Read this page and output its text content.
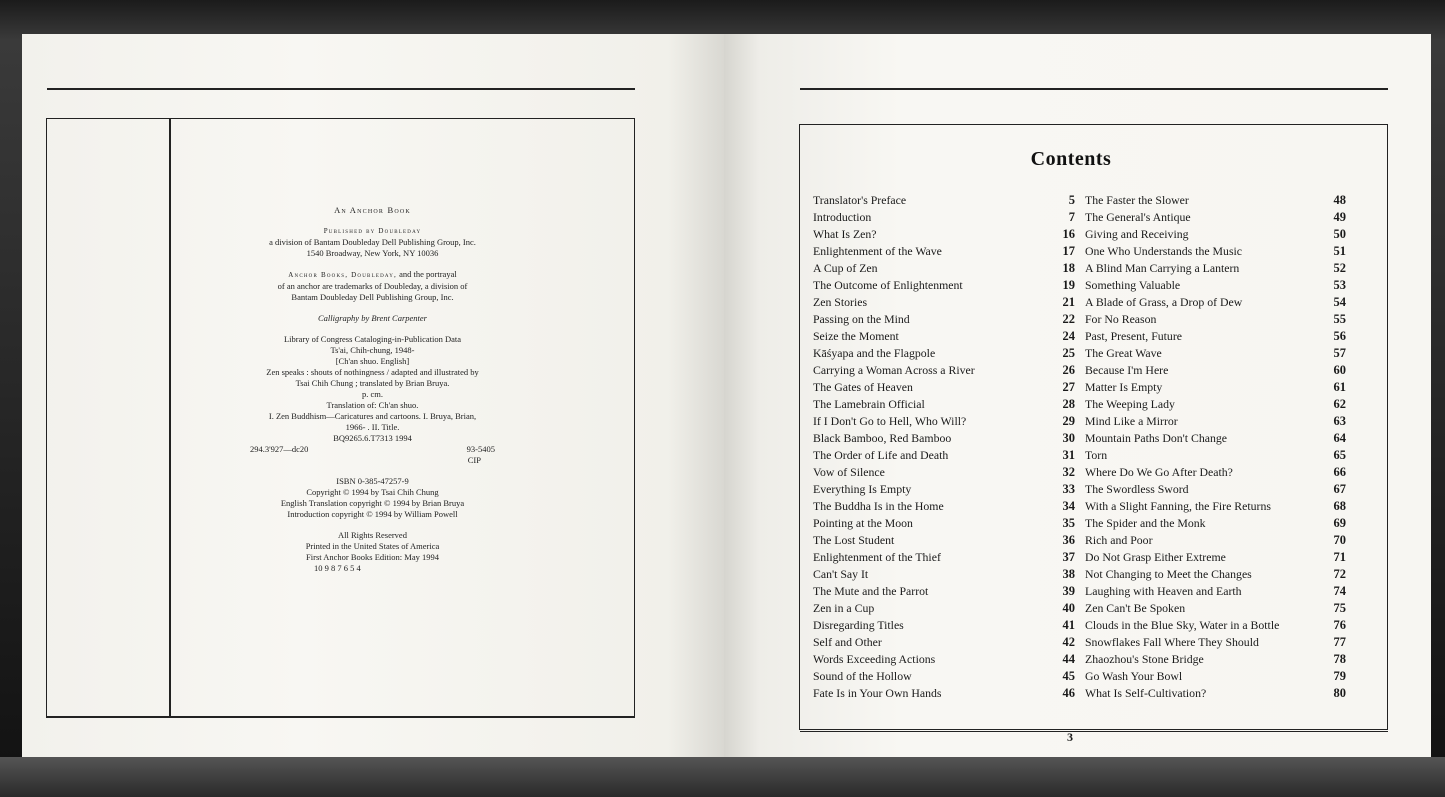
An Anchor Book

Published by Doubleday

a division of Bantam Doubleday Dell Publishing Group, Inc.

1540 Broadway, New York, NY 10036

Anchor Books, Doubleday, and the portrayal

of an anchor are trademarks of Doubleday, a division of

Bantam Doubleday Dell Publishing Group, Inc.

Calligraphy by Brent Carpenter

Library of Congress Cataloging-in-Publication Data

Ts'ai, Chih-chung, 1948-

[Ch'an shuo. English]

Zen speaks : shouts of nothingness / adapted and illustrated by

Tsai Chih Chung ; translated by Brian Bruya.

p. cm.

Translation of: Ch'an shuo.

I. Zen Buddhism—Caricatures and cartoons. I. Bruya, Brian,

1966- . II. Title.

BQ9265.6.T7313 1994

294.3'927—dc20	93-5405
CIP

ISBN 0-385-47257-9

Copyright © 1994 by Tsai Chih Chung

English Translation copyright © 1994 by Brian Bruya

Introduction copyright © 1994 by William Powell

All Rights Reserved

Printed in the United States of America

First Anchor Books Edition: May 1994

10 9 8 7 6 5 4

Contents
Translator's Preface	5
Introduction	7
What Is Zen?	16
Enlightenment of the Wave	17
A Cup of Zen	18
The Outcome of Enlightenment	19
Zen Stories	21
Passing on the Mind	22
Seize the Moment	24
Kāśyapa and the Flagpole	25
Carrying a Woman Across a River	26
The Gates of Heaven	27
The Lamebrain Official	28
If I Don't Go to Hell, Who Will?	29
Black Bamboo, Red Bamboo	30
The Order of Life and Death	31
Vow of Silence	32
Everything Is Empty	33
The Buddha Is in the Home	34
Pointing at the Moon	35
The Lost Student	36
Enlightenment of the Thief	37
Can't Say It	38
The Mute and the Parrot	39
Zen in a Cup	40
Disregarding Titles	41
Self and Other	42
Words Exceeding Actions	44
Sound of the Hollow	45
Fate Is in Your Own Hands	46
The Faster the Slower	48
The General's Antique	49
Giving and Receiving	50
One Who Understands the Music	51
A Blind Man Carrying a Lantern	52
Something Valuable	53
A Blade of Grass, a Drop of Dew	54
For No Reason	55
Past, Present, Future	56
The Great Wave	57
Because I'm Here	60
Matter Is Empty	61
The Weeping Lady	62
Mind Like a Mirror	63
Mountain Paths Don't Change	64
Torn	65
Where Do We Go After Death?	66
The Swordless Sword	67
With a Slight Fanning, the Fire Returns	68
The Spider and the Monk	69
Rich and Poor	70
Do Not Grasp Either Extreme	71
Not Changing to Meet the Changes	72
Laughing with Heaven and Earth	74
Zen Can't Be Spoken	75
Clouds in the Blue Sky, Water in a Bottle	76
Snowflakes Fall Where They Should	77
Zhaozhou's Stone Bridge	78
Go Wash Your Bowl	79
What Is Self-Cultivation?	80
3
